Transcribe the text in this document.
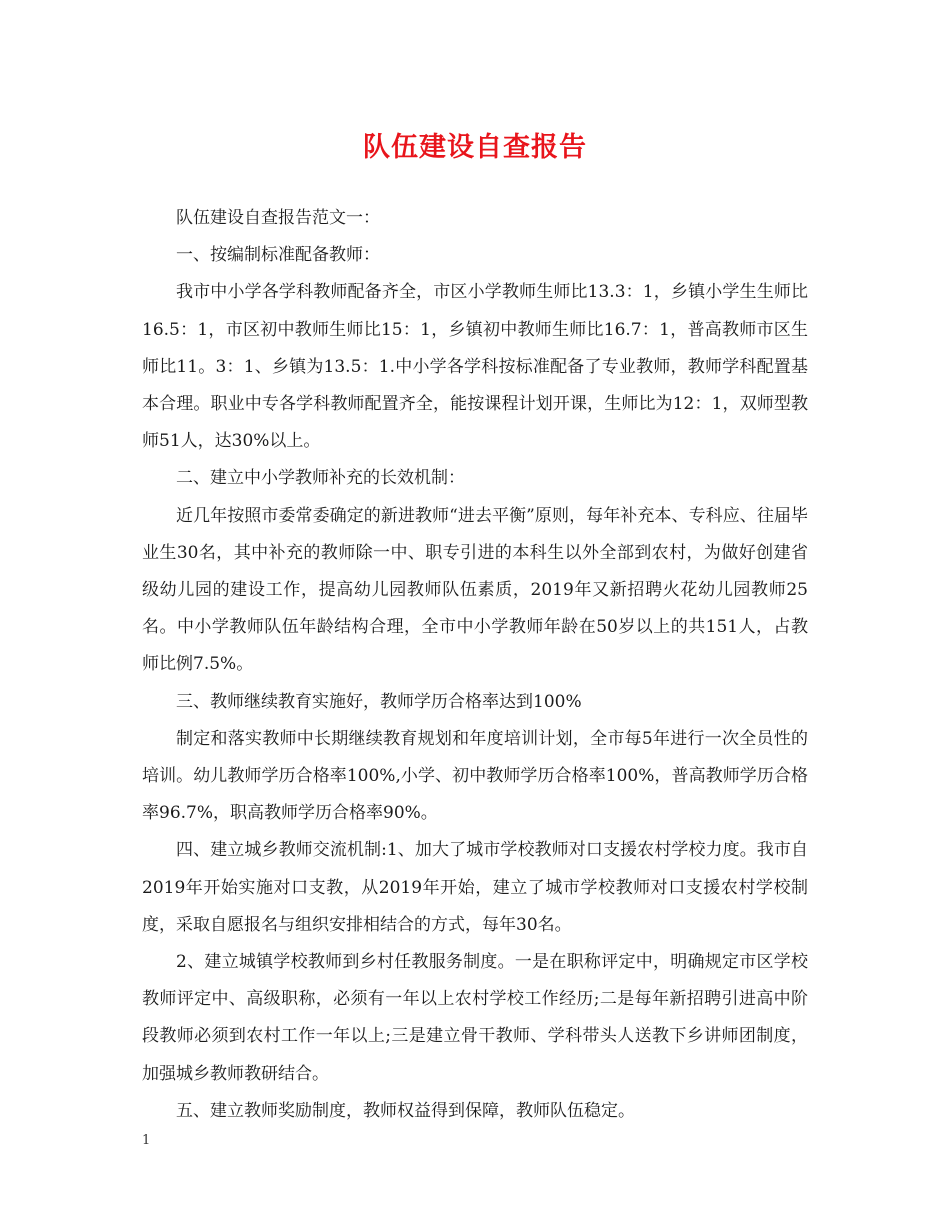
队伍建设自查报告

队伍建设自查报告范文一：

一、按编制标准配备教师：

我市中小学各学科教师配备齐全，市区小学教师生师比13.3：1，乡镇小学生生师比16.5：1，市区初中教师生师比15：1，乡镇初中教师生师比16.7：1，普高教师市区生师比11。3：1、乡镇为13.5：1.中小学各学科按标准配备了专业教师，教师学科配置基本合理。职业中专各学科教师配置齐全，能按课程计划开课，生师比为12：1，双师型教师51人，达30%以上。

二、建立中小学教师补充的长效机制：

近几年按照市委常委确定的新进教师“进去平衡”原则，每年补充本、专科应、往届毕业生30名，其中补充的教师除一中、职专引进的本科生以外全部到农村，为做好创建省级幼儿园的建设工作，提高幼儿园教师队伍素质，2019年又新招聘火花幼儿园教师25名。中小学教师队伍年龄结构合理，全市中小学教师年龄在50岁以上的共151人，占教师比例7.5%。

三、教师继续教育实施好，教师学历合格率达到100%

制定和落实教师中长期继续教育规划和年度培训计划，全市每5年进行一次全员性的培训。幼儿教师学历合格率100%,小学、初中教师学历合格率100%，普高教师学历合格率96.7%，职高教师学历合格率90%。

四、建立城乡教师交流机制:1、加大了城市学校教师对口支援农村学校力度。我市自2019年开始实施对口支教，从2019年开始，建立了城市学校教师对口支援农村学校制度，采取自愿报名与组织安排相结合的方式，每年30名。

2、建立城镇学校教师到乡村任教服务制度。一是在职称评定中，明确规定市区学校教师评定中、高级职称，必须有一年以上农村学校工作经历;二是每年新招聘引进高中阶段教师必须到农村工作一年以上;三是建立骨干教师、学科带头人送教下乡讲师团制度，加强城乡教师教研结合。

五、建立教师奖励制度，教师权益得到保障，教师队伍稳定。

1
